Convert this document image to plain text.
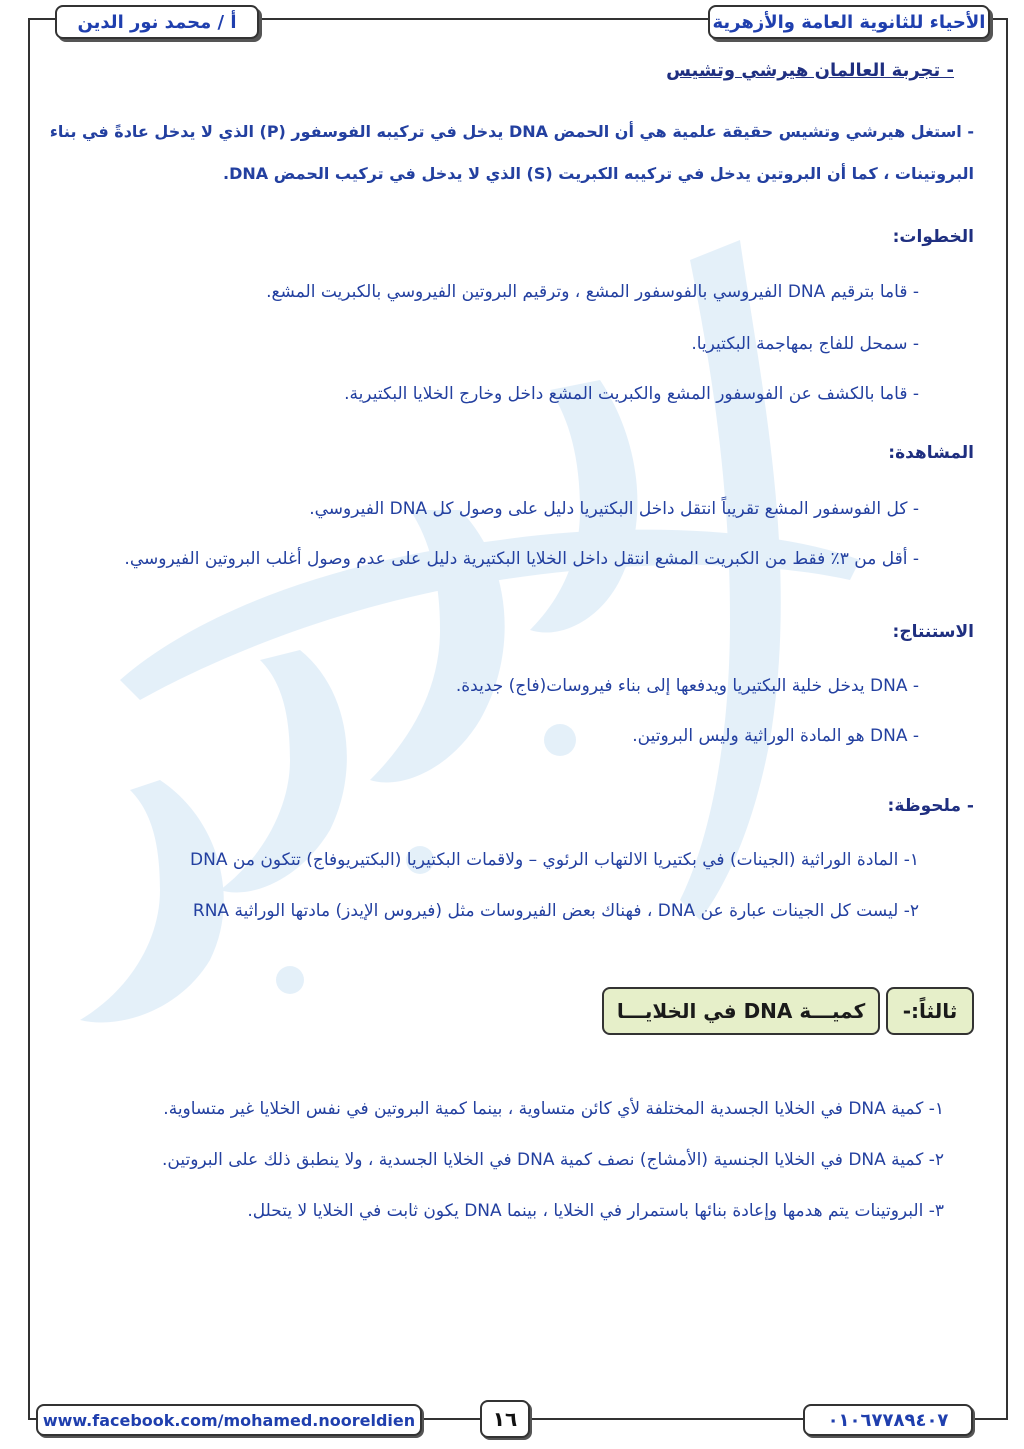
الأحياء للثانوية العامة والأزهرية
أ / محمد نور الدين
- تجربة العالمان هيرشي وتشيس
- استغل هيرشي وتشيس حقيقة علمية هي أن الحمض DNA يدخل في تركيبه الفوسفور (P) الذي لا يدخل عادةً في بناء
البروتينات ، كما أن البروتين يدخل في تركيبه الكبريت (S) الذي لا يدخل في تركيب الحمض DNA.
الخطوات:
- قاما بترقيم DNA الفيروسي بالفوسفور المشع ، وترقيم البروتين الفيروسي بالكبريت المشع.
- سمحل للفاج بمهاجمة البكتيريا.
- قاما بالكشف عن الفوسفور المشع والكبريت المشع داخل وخارج الخلايا البكتيرية.
المشاهدة:
- كل الفوسفور المشع تقريباً انتقل داخل البكتيريا دليل على وصول كل DNA الفيروسي.
- أقل من ٣٪ فقط من الكبريت المشع انتقل داخل الخلايا البكتيرية دليل على عدم وصول أغلب البروتين الفيروسي.
الاستنتاج:
- DNA يدخل خلية البكتيريا ويدفعها إلى بناء فيروسات(فاج) جديدة.
- DNA هو المادة الوراثية وليس البروتين.
- ملحوظة:
١- المادة الوراثية (الجينات) في بكتيريا الالتهاب الرئوي – ولاقمات البكتيريا (البكتيريوفاج) تتكون من DNA
٢- ليست كل الجينات عبارة عن DNA ، فهناك بعض الفيروسات مثل (فيروس الإيدز) مادتها الوراثية RNA
ثالثاً:-
كميـــة DNA في الخلايـــا
١- كمية DNA في الخلايا الجسدية المختلفة لأي كائن متساوية ، بينما كمية البروتين في نفس الخلايا غير متساوية.
٢- كمية DNA في الخلايا الجنسية (الأمشاج) نصف كمية DNA في الخلايا الجسدية ، ولا ينطبق ذلك على البروتين.
٣- البروتينات يتم هدمها وإعادة بنائها باستمرار في الخلايا ، بينما DNA يكون ثابت في الخلايا لا يتحلل.
www.facebook.com/mohamed.nooreldien	١٦	٠١٠٦٧٧٨٩٤٠٧
